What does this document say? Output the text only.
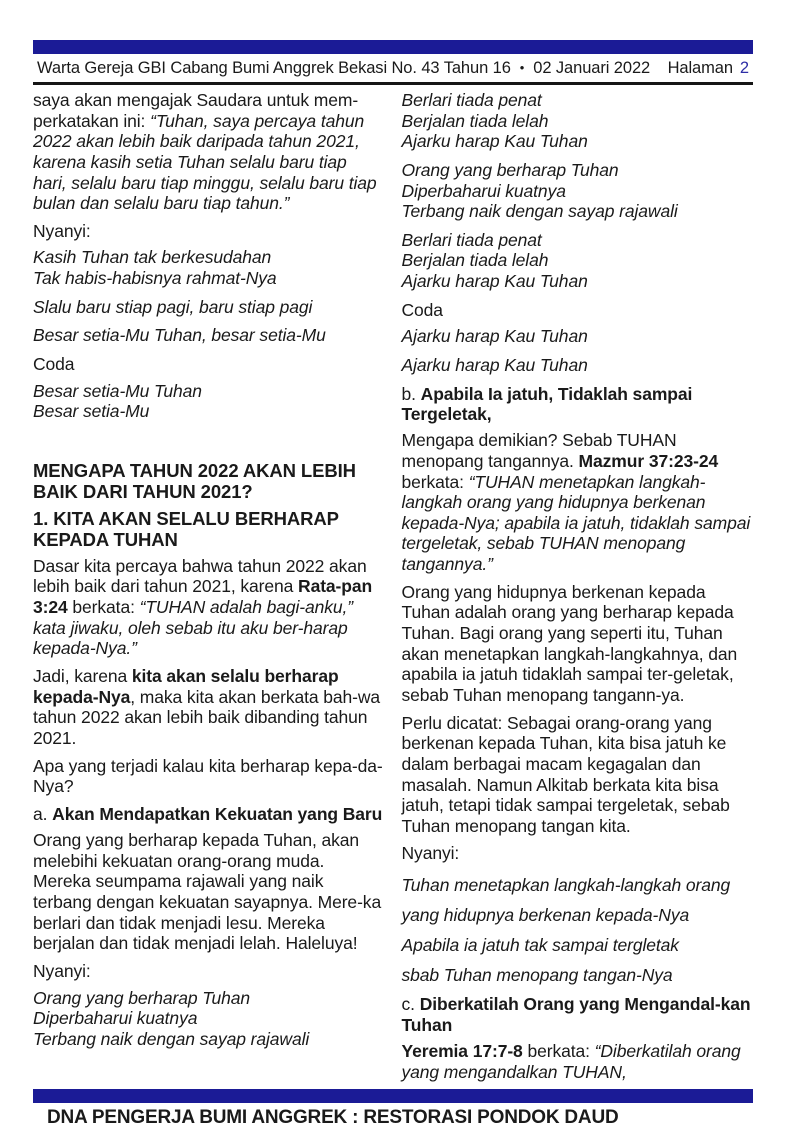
Warta Gereja GBI Cabang Bumi Anggrek Bekasi No. 43 Tahun 16 • 02 Januari 2022 Halaman 2

saya akan mengajak Saudara untuk mem-perkatakan ini: “Tuhan, saya percaya tahun 2022 akan lebih baik daripada tahun 2021, karena kasih setia Tuhan selalu baru tiap hari, selalu baru tiap minggu, selalu baru tiap bulan dan selalu baru tiap tahun.”

Nyanyi:

Kasih Tuhan tak berkesudahan
Tak habis-habisnya rahmat-Nya

Slalu baru stiap pagi, baru stiap pagi

Besar setia-Mu Tuhan, besar setia-Mu

Coda

Besar setia-Mu Tuhan
Besar setia-Mu

MENGAPA TAHUN 2022 AKAN LEBIH BAIK DARI TAHUN 2021?

1. KITA AKAN SELALU BERHARAP KEPADA TUHAN

Dasar kita percaya bahwa tahun 2022 akan lebih baik dari tahun 2021, karena Rata-pan 3:24 berkata: “TUHAN adalah bagi-anku,” kata jiwaku, oleh sebab itu aku ber-harap kepada-Nya.”

Jadi, karena kita akan selalu berharap kepada-Nya, maka kita akan berkata bah-wa tahun 2022 akan lebih baik dibanding tahun 2021.

Apa yang terjadi kalau kita berharap kepa-da-Nya?

a. Akan Mendapatkan Kekuatan yang Baru

Orang yang berharap kepada Tuhan, akan melebihi kekuatan orang-orang muda. Mereka seumpama rajawali yang naik terbang dengan kekuatan sayapnya. Mere-ka berlari dan tidak menjadi lesu. Mereka berjalan dan tidak menjadi lelah. Haleluya!

Nyanyi:

Orang yang berharap Tuhan
Diperbaharui kuatnya
Terbang naik dengan sayap rajawali

Berlari tiada penat
Berjalan tiada lelah
Ajarku harap Kau Tuhan

Orang yang berharap Tuhan
Diperbaharui kuatnya
Terbang naik dengan sayap rajawali

Berlari tiada penat
Berjalan tiada lelah
Ajarku harap Kau Tuhan

Coda

Ajarku harap Kau Tuhan

Ajarku harap Kau Tuhan

b. Apabila Ia jatuh, Tidaklah sampai Tergeletak,

Mengapa demikian? Sebab TUHAN menopang tangannya. Mazmur 37:23-24 berkata: “TUHAN menetapkan langkah-langkah orang yang hidupnya berkenan kepada-Nya; apabila ia jatuh, tidaklah sampai tergeletak, sebab TUHAN menopang tangannya.”

Orang yang hidupnya berkenan kepada Tuhan adalah orang yang berharap kepada Tuhan. Bagi orang yang seperti itu, Tuhan akan menetapkan langkah-langkahnya, dan apabila ia jatuh tidaklah sampai ter-geletak, sebab Tuhan menopang tangann-ya.

Perlu dicatat: Sebagai orang-orang yang berkenan kepada Tuhan, kita bisa jatuh ke dalam berbagai macam kegagalan dan masalah. Namun Alkitab berkata kita bisa jatuh, tetapi tidak sampai tergeletak, sebab Tuhan menopang tangan kita.

Nyanyi:

Tuhan menetapkan langkah-langkah orang
yang hidupnya berkenan kepada-Nya
Apabila ia jatuh tak sampai tergletak
sbab Tuhan menopang tangan-Nya

c. Diberkatilah Orang yang Mengandal-kan Tuhan

Yeremia 17:7-8 berkata: “Diberkatilah orang yang mengandalkan TUHAN,

DNA PENGERJA BUMI ANGGREK : RESTORASI PONDOK DAUD
